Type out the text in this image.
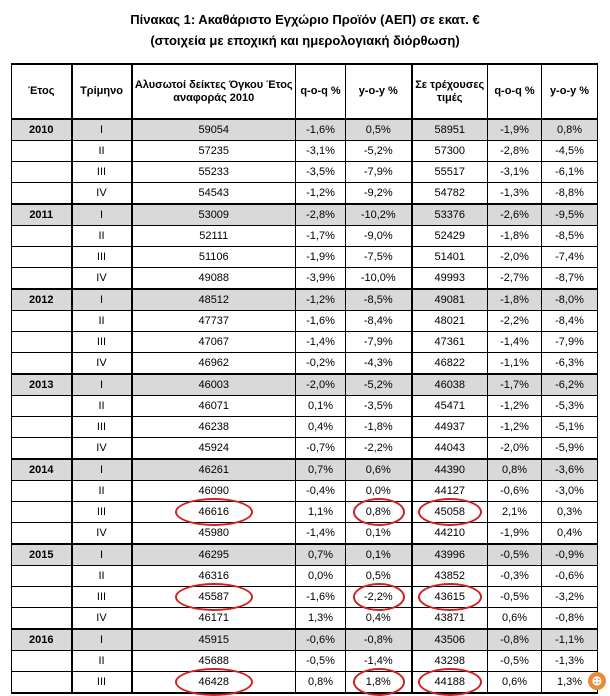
Πίνακας 1: Ακαθάριστο Εγχώριο Προϊόν (ΑΕΠ) σε εκατ. €
(στοιχεία με εποχική και ημερολογιακή διόρθωση)
Έτος	Τρίμηνο	Αλυσωτοί δείκτες Όγκου Έτος αναφοράς 2010	q-o-q %	y-o-y %	Σε τρέχουσες τιμές	q-o-q %	y-o-y %
2010	I	59054	-1,6%	0,5%	58951	-1,9%	0,8%
	II	57235	-3,1%	-5,2%	57300	-2,8%	-4,5%
	III	55233	-3,5%	-7,9%	55517	-3,1%	-6,1%
	IV	54543	-1,2%	-9,2%	54782	-1,3%	-8,8%
2011	I	53009	-2,8%	-10,2%	53376	-2,6%	-9,5%
	II	52111	-1,7%	-9,0%	52429	-1,8%	-8,5%
	III	51106	-1,9%	-7,5%	51401	-2,0%	-7,4%
	IV	49088	-3,9%	-10,0%	49993	-2,7%	-8,7%
2012	I	48512	-1,2%	-8,5%	49081	-1,8%	-8,0%
	II	47737	-1,6%	-8,4%	48021	-2,2%	-8,4%
	III	47067	-1,4%	-7,9%	47361	-1,4%	-7,9%
	IV	46962	-0,2%	-4,3%	46822	-1,1%	-6,3%
2013	I	46003	-2,0%	-5,2%	46038	-1,7%	-6,2%
	II	46071	0,1%	-3,5%	45471	-1,2%	-5,3%
	III	46238	0,4%	-1,8%	44937	-1,2%	-5,1%
	IV	45924	-0,7%	-2,2%	44043	-2,0%	-5,9%
2014	I	46261	0,7%	0,6%	44390	0,8%	-3,6%
	II	46090	-0,4%	0,0%	44127	-0,6%	-3,0%
	III	46616	1,1%	0,8%	45058	2,1%	0,3%
	IV	45980	-1,4%	0,1%	44210	-1,9%	0,4%
2015	I	46295	0,7%	0,1%	43996	-0,5%	-0,9%
	II	46316	0,0%	0,5%	43852	-0,3%	-0,6%
	III	45587	-1,6%	-2,2%	43615	-0,5%	-3,2%
	IV	46171	1,3%	0,4%	43871	0,6%	-0,8%
2016	I	45915	-0,6%	-0,8%	43506	-0,8%	-1,1%
	II	45688	-0,5%	-1,4%	43298	-0,5%	-1,3%
	III	46428	0,8%	1,8%	44188	0,6%	1,3% ⊕
